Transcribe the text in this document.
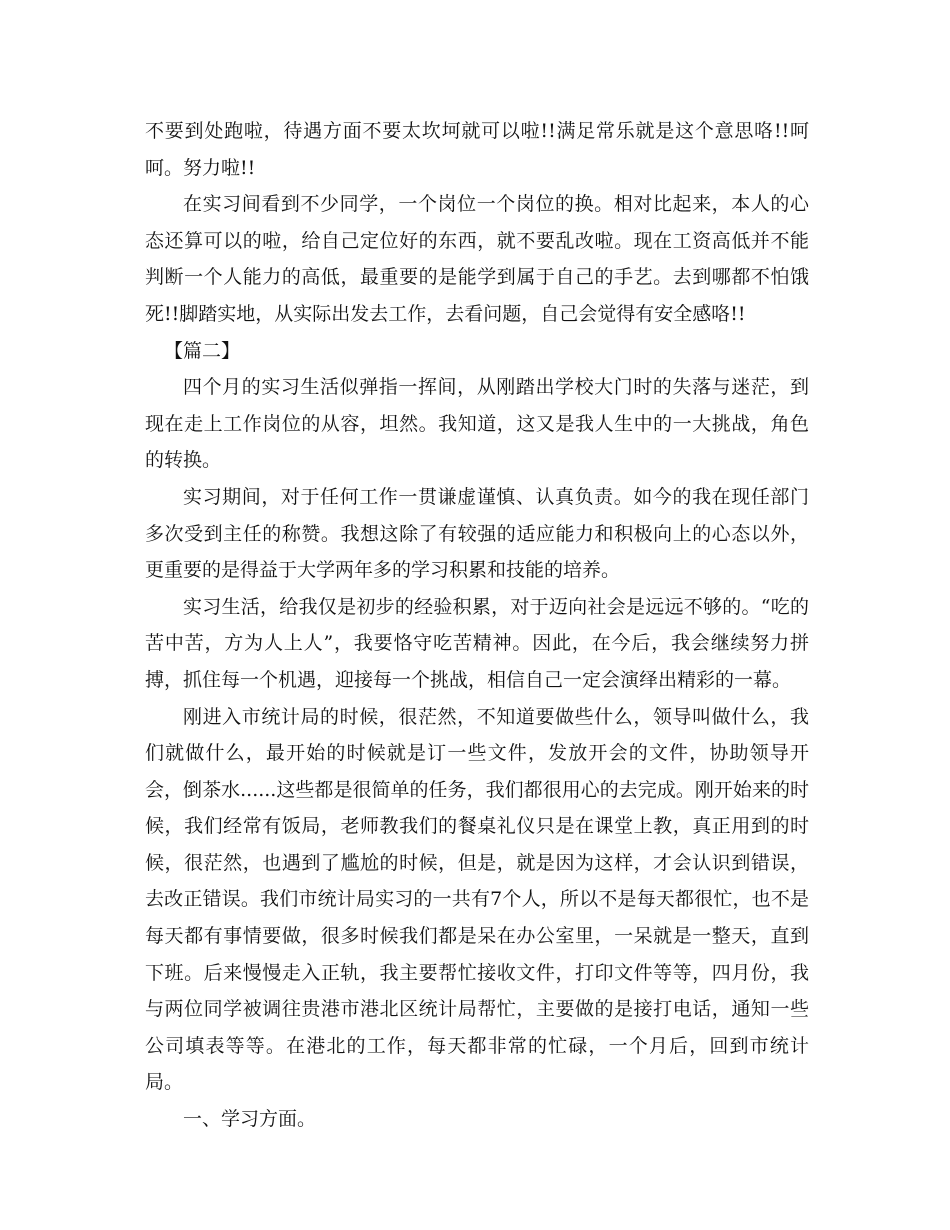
不要到处跑啦，待遇方面不要太坎坷就可以啦!!满足常乐就是这个意思咯!!呵呵。努力啦!!

在实习间看到不少同学，一个岗位一个岗位的换。相对比起来，本人的心态还算可以的啦，给自己定位好的东西，就不要乱改啦。现在工资高低并不能判断一个人能力的高低，最重要的是能学到属于自己的手艺。去到哪都不怕饿死!!脚踏实地，从实际出发去工作，去看问题，自己会觉得有安全感咯!!

【篇二】

四个月的实习生活似弹指一挥间，从刚踏出学校大门时的失落与迷茫，到现在走上工作岗位的从容，坦然。我知道，这又是我人生中的一大挑战，角色的转换。

实习期间，对于任何工作一贯谦虚谨慎、认真负责。如今的我在现任部门多次受到主任的称赞。我想这除了有较强的适应能力和积极向上的心态以外，更重要的是得益于大学两年多的学习积累和技能的培养。

实习生活，给我仅是初步的经验积累，对于迈向社会是远远不够的。“吃的苦中苦，方为人上人”，我要恪守吃苦精神。因此，在今后，我会继续努力拼搏，抓住每一个机遇，迎接每一个挑战，相信自己一定会演绎出精彩的一幕。

刚进入市统计局的时候，很茫然，不知道要做些什么，领导叫做什么，我们就做什么，最开始的时候就是订一些文件，发放开会的文件，协助领导开会，倒茶水......这些都是很简单的任务，我们都很用心的去完成。刚开始来的时候，我们经常有饭局，老师教我们的餐桌礼仪只是在课堂上教，真正用到的时候，很茫然，也遇到了尴尬的时候，但是，就是因为这样，才会认识到错误，去改正错误。我们市统计局实习的一共有7个人，所以不是每天都很忙，也不是每天都有事情要做，很多时候我们都是呆在办公室里，一呆就是一整天，直到下班。后来慢慢走入正轨，我主要帮忙接收文件，打印文件等等，四月份，我与两位同学被调往贵港市港北区统计局帮忙，主要做的是接打电话，通知一些公司填表等等。在港北的工作，每天都非常的忙碌，一个月后，回到市统计局。

一、学习方面。
